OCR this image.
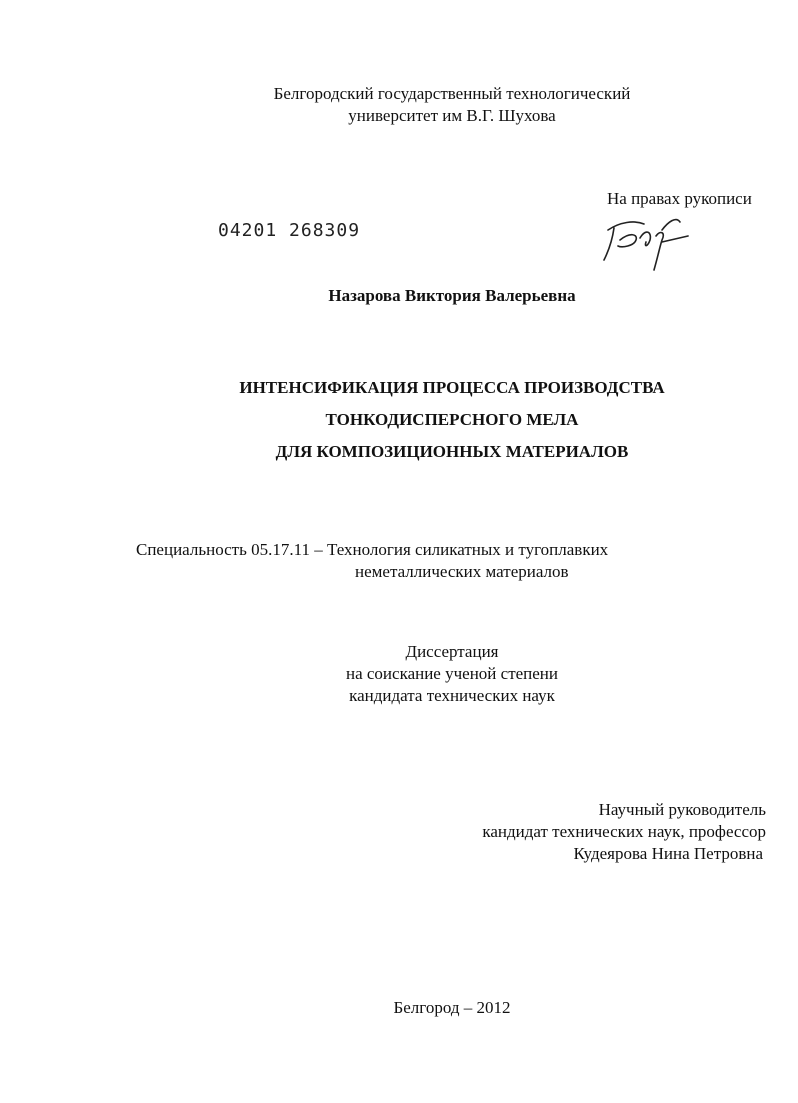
Белгородский государственный технологический
университет им В.Г. Шухова
На правах рукописи
04201 268309
Назарова Виктория Валерьевна
ИНТЕНСИФИКАЦИЯ ПРОЦЕССА ПРОИЗВОДСТВА
ТОНКОДИСПЕРСНОГО МЕЛА
ДЛЯ КОМПОЗИЦИОННЫХ МАТЕРИАЛОВ
Специальность 05.17.11 – Технология силикатных и тугоплавких
неметаллических материалов
Диссертация
на соискание ученой степени
кандидата технических наук
Научный руководитель
кандидат технических наук, профессор
Кудеярова Нина Петровна
Белгород – 2012
